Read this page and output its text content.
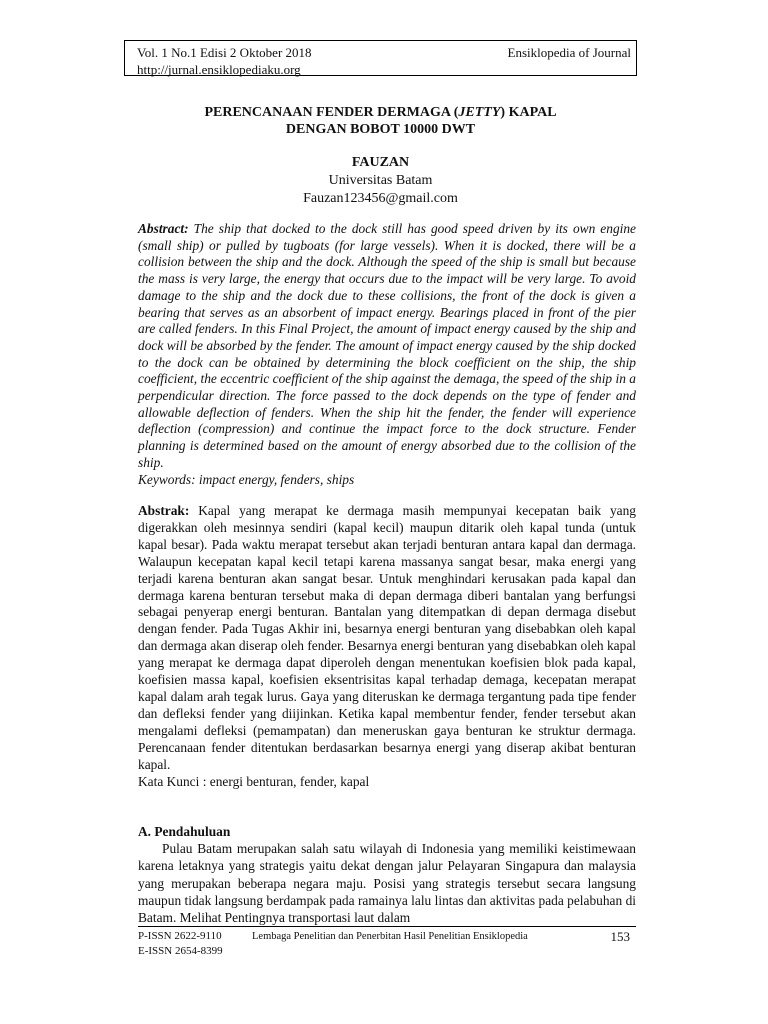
Vol. 1 No.1 Edisi 2 Oktober 2018	Ensiklopedia of Journal
http://jurnal.ensiklopediaku.org
PERENCANAAN FENDER DERMAGA (JETTY) KAPAL
DENGAN BOBOT 10000 DWT
FAUZAN
Universitas Batam
Fauzan123456@gmail.com
Abstract: The ship that docked to the dock still has good speed driven by its own engine (small ship) or pulled by tugboats (for large vessels). When it is docked, there will be a collision between the ship and the dock. Although the speed of the ship is small but because the mass is very large, the energy that occurs due to the impact will be very large. To avoid damage to the ship and the dock due to these collisions, the front of the dock is given a bearing that serves as an absorbent of impact energy. Bearings placed in front of the pier are called fenders. In this Final Project, the amount of impact energy caused by the ship and dock will be absorbed by the fender. The amount of impact energy caused by the ship docked to the dock can be obtained by determining the block coefficient on the ship, the ship coefficient, the eccentric coefficient of the ship against the demaga, the speed of the ship in a perpendicular direction. The force passed to the dock depends on the type of fender and allowable deflection of fenders. When the ship hit the fender, the fender will experience deflection (compression) and continue the impact force to the dock structure. Fender planning is determined based on the amount of energy absorbed due to the collision of the ship.
Keywords: impact energy, fenders, ships
Abstrak: Kapal yang merapat ke dermaga masih mempunyai kecepatan baik yang digerakkan oleh mesinnya sendiri (kapal kecil) maupun ditarik oleh kapal tunda (untuk kapal besar). Pada waktu merapat tersebut akan terjadi benturan antara kapal dan dermaga. Walaupun kecepatan kapal kecil tetapi karena massanya sangat besar, maka energi yang terjadi karena benturan akan sangat besar. Untuk menghindari kerusakan pada kapal dan dermaga karena benturan tersebut maka di depan dermaga diberi bantalan yang berfungsi sebagai penyerap energi benturan. Bantalan yang ditempatkan di depan dermaga disebut dengan fender. Pada Tugas Akhir ini, besarnya energi benturan yang disebabkan oleh kapal dan dermaga akan diserap oleh fender. Besarnya energi benturan yang disebabkan oleh kapal yang merapat ke dermaga dapat diperoleh dengan menentukan koefisien blok pada kapal, koefisien massa kapal, koefisien eksentrisitas kapal terhadap demaga, kecepatan merapat kapal dalam arah tegak lurus. Gaya yang diteruskan ke dermaga tergantung pada tipe fender dan defleksi fender yang diijinkan. Ketika kapal membentur fender, fender tersebut akan mengalami defleksi (pemampatan) dan meneruskan gaya benturan ke struktur dermaga. Perencanaan fender ditentukan berdasarkan besarnya energi yang diserap akibat benturan kapal.
Kata Kunci : energi benturan, fender, kapal
A. Pendahuluan

Pulau Batam merupakan salah satu wilayah di Indonesia yang memiliki keistimewaan karena letaknya yang strategis yaitu dekat dengan jalur Pelayaran Singapura dan malaysia yang merupakan beberapa negara maju. Posisi yang strategis tersebut secara langsung maupun tidak langsung berdampak pada ramainya lalu lintas dan aktivitas pada pelabuhan di Batam. Melihat Pentingnya transportasi laut dalam

P-ISSN 2622-9110
E-ISSN 2654-8399
Lembaga Penelitian dan Penerbitan Hasil Penelitian Ensiklopedia	153
